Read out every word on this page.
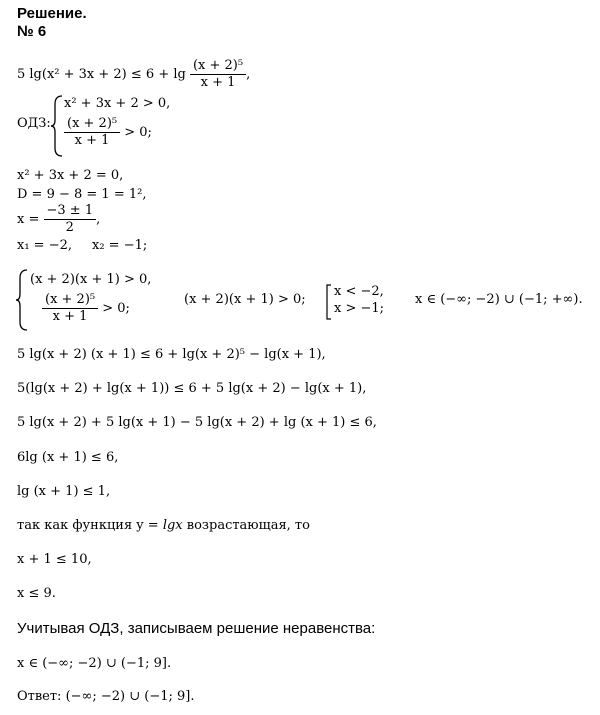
Решение.
№ 6
5 $\lg(x^2 + 3x + 2) \le 6 + \lg \frac{\text{(x + 2)⁵}}{x + 1}$ ,
ОДЗ:
x² + 3x + 2 > 0,
$\frac{\text{(x + 2)⁵}}{x + 1} > 0$;
x² + 3x + 2 = 0,
D = 9 − 8 = 1 = 1²,
$x = \frac{-3 \pm 1}{2}$ ,
x₁ = −2, x₂ = −1;
(x + 2)(x + 1) > 0,
$\frac{\text{(x + 2)⁵}}{x + 1} > 0$;
(x + 2)(x + 1) > 0;
x < −2,
x > −1;
x ∈ (−∞; −2) ∪ (−1; +∞).
5 lg(x + 2) (x + 1) ≤ 6 + lg(x + 2)⁵ − lg(x + 1),
5(lg(x + 2) + lg(x + 1)) ≤ 6 + 5 lg(x + 2) − lg(x + 1),
5 lg(x + 2) + 5 lg(x + 1) − 5 lg(x + 2) + lg (x + 1) ≤ 6,
6lg (x + 1) ≤ 6,
lg (x + 1) ≤ 1,
так как функция y = lgx возрастающая, то
x + 1 ≤ 10,
x ≤ 9.
Учитывая ОДЗ, записываем решение неравенства:
x ∈ (−∞; −2) ∪ (−1; 9].
Ответ: (−∞; −2) ∪ (−1; 9].
